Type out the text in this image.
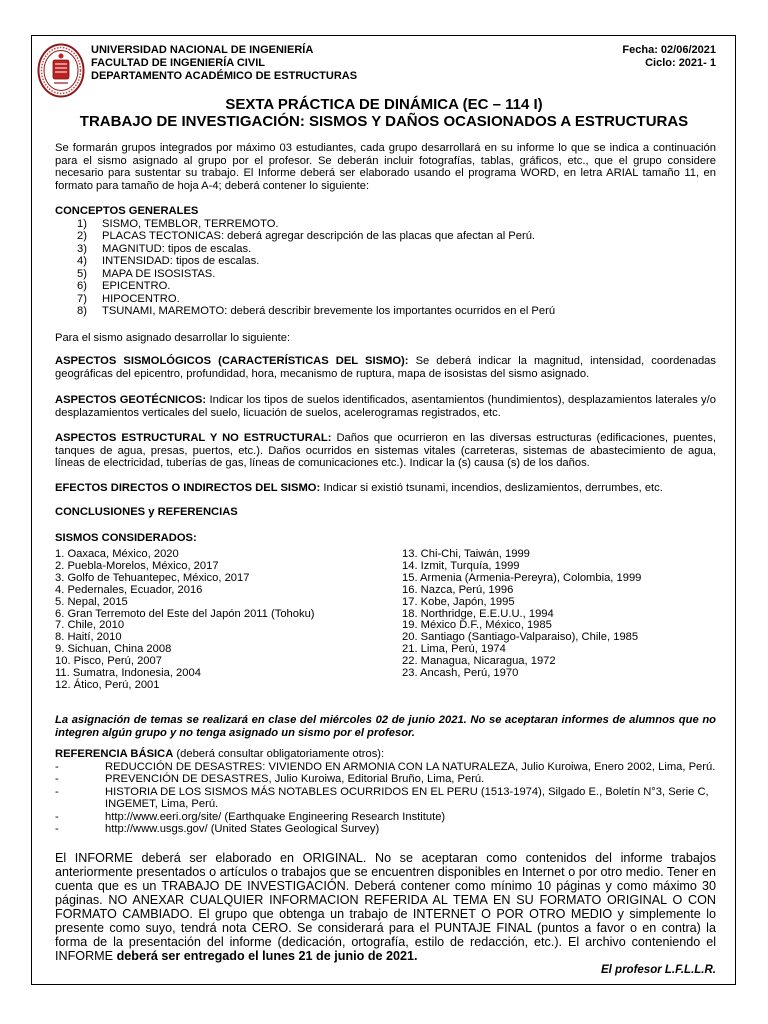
UNIVERSIDAD NACIONAL DE INGENIERÍA
FACULTAD DE INGENIERÍA CIVIL
DEPARTAMENTO ACADÉMICO DE ESTRUCTURAS
Fecha: 02/06/2021
Ciclo: 2021- 1
SEXTA PRÁCTICA DE DINÁMICA (EC – 114 I)
TRABAJO DE INVESTIGACIÓN: SISMOS Y DAÑOS OCASIONADOS A ESTRUCTURAS
Se formarán grupos integrados por máximo 03 estudiantes, cada grupo desarrollará en su informe lo que se indica a continuación para el sismo asignado al grupo por el profesor. Se deberán incluir fotografías, tablas, gráficos, etc., que el grupo considere necesario para sustentar su trabajo. El Informe deberá ser elaborado usando el programa WORD, en letra ARIAL tamaño 11, en formato para tamaño de hoja A-4; deberá contener lo siguiente:
CONCEPTOS GENERALES
1) SISMO, TEMBLOR, TERREMOTO.
2) PLACAS TECTONICAS: deberá agregar descripción de las placas que afectan al Perú.
3) MAGNITUD: tipos de escalas.
4) INTENSIDAD: tipos de escalas.
5) MAPA DE ISOSISTAS.
6) EPICENTRO.
7) HIPOCENTRO.
8) TSUNAMI, MAREMOTO: deberá describir brevemente los importantes ocurridos en el Perú
Para el sismo asignado desarrollar lo siguiente:
ASPECTOS SISMOLÓGICOS (CARACTERÍSTICAS DEL SISMO): Se deberá indicar la magnitud, intensidad, coordenadas geográficas del epicentro, profundidad, hora, mecanismo de ruptura, mapa de isosistas del sismo asignado.
ASPECTOS GEOTÉCNICOS: Indicar los tipos de suelos identificados, asentamientos (hundimientos), desplazamientos laterales y/o desplazamientos verticales del suelo, licuación de suelos, acelerogramas registrados, etc.
ASPECTOS ESTRUCTURAL Y NO ESTRUCTURAL: Daños que ocurrieron en las diversas estructuras (edificaciones, puentes, tanques de agua, presas, puertos, etc.). Daños ocurridos en sistemas vitales (carreteras, sistemas de abastecimiento de agua, líneas de electricidad, tuberías de gas, líneas de comunicaciones etc.). Indicar la (s) causa (s) de los daños.
EFECTOS DIRECTOS O INDIRECTOS DEL SISMO: Indicar si existió tsunami, incendios, deslizamientos, derrumbes, etc.
CONCLUSIONES y REFERENCIAS
SISMOS CONSIDERADOS:
1. Oaxaca, México, 2020
2. Puebla-Morelos, México, 2017
3. Golfo de Tehuantepec, México, 2017
4. Pedernales, Ecuador, 2016
5. Nepal, 2015
6. Gran Terremoto del Este del Japón 2011 (Tohoku)
7. Chile, 2010
8. Haití, 2010
9. Sichuan, China 2008
10. Pisco, Perú, 2007
11. Sumatra, Indonesia, 2004
12. Ático, Perú, 2001
13. Chi-Chi, Taiwán, 1999
14. Izmit, Turquía, 1999
15. Armenia (Armenia-Pereyra), Colombia, 1999
16. Nazca, Perú, 1996
17. Kobe, Japón, 1995
18. Northridge, E.E.U.U., 1994
19. México D.F., México, 1985
20. Santiago (Santiago-Valparaiso), Chile, 1985
21. Lima, Perú, 1974
22. Managua, Nicaragua, 1972
23. Ancash, Perú, 1970
La asignación de temas se realizará en clase del miércoles 02 de junio 2021. No se aceptaran informes de alumnos que no integren algún grupo y no tenga asignado un sismo por el profesor.
REFERENCIA BÁSICA (deberá consultar obligatoriamente otros):
-	REDUCCIÓN DE DESASTRES: VIVIENDO EN ARMONIA CON LA NATURALEZA, Julio Kuroiwa, Enero 2002, Lima, Perú.
-	PREVENCIÓN DE DESASTRES, Julio Kuroiwa, Editorial Bruño, Lima, Perú.
-	HISTORIA DE LOS SISMOS MÁS NOTABLES OCURRIDOS EN EL PERU (1513-1974), Silgado E., Boletín N°3, Serie C, INGEMET, Lima, Perú.
-	http://www.eeri.org/site/ (Earthquake Engineering Research Institute)
-	http://www.usgs.gov/ (United States Geological Survey)
El INFORME deberá ser elaborado en ORIGINAL. No se aceptaran como contenidos del informe trabajos anteriormente presentados o artículos o trabajos que se encuentren disponibles en Internet o por otro medio. Tener en cuenta que es un TRABAJO DE INVESTIGACIÓN. Deberá contener como mínimo 10 páginas y como máximo 30 páginas. NO ANEXAR CUALQUIER INFORMACION REFERIDA AL TEMA EN SU FORMATO ORIGINAL O CON FORMATO CAMBIADO. El grupo que obtenga un trabajo de INTERNET O POR OTRO MEDIO y simplemente lo presente como suyo, tendrá nota CERO. Se considerará para el PUNTAJE FINAL (puntos a favor o en contra) la forma de la presentación del informe (dedicación, ortografía, estilo de redacción, etc.). El archivo conteniendo el INFORME deberá ser entregado el lunes 21 de junio de 2021.
El profesor L.F.L.L.R.
